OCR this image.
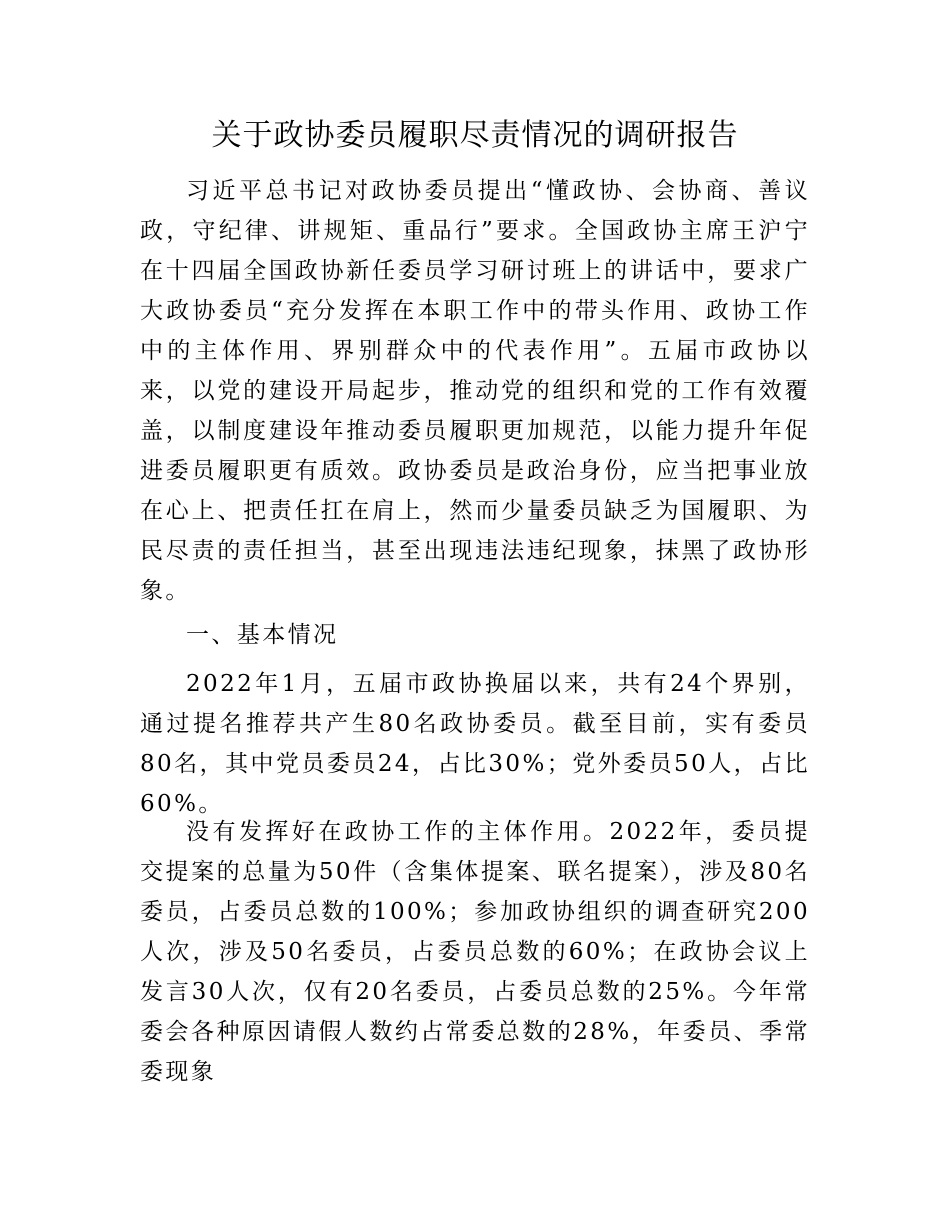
关于政协委员履职尽责情况的调研报告

习近平总书记对政协委员提出“懂政协、会协商、善议政，守纪律、讲规矩、重品行”要求。全国政协主席王沪宁在十四届全国政协新任委员学习研讨班上的讲话中，要求广大政协委员“充分发挥在本职工作中的带头作用、政协工作中的主体作用、界别群众中的代表作用”。五届市政协以来，以党的建设开局起步，推动党的组织和党的工作有效覆盖，以制度建设年推动委员履职更加规范，以能力提升年促进委员履职更有质效。政协委员是政治身份，应当把事业放在心上、把责任扛在肩上，然而少量委员缺乏为国履职、为民尽责的责任担当，甚至出现违法违纪现象，抹黑了政协形象。

一、基本情况

2022年1月，五届市政协换届以来，共有24个界别，通过提名推荐共产生80名政协委员。截至目前，实有委员80名，其中党员委员24，占比30%；党外委员50人，占比60%。

没有发挥好在政协工作的主体作用。2022年，委员提交提案的总量为50件（含集体提案、联名提案），涉及80名委员，占委员总数的100%；参加政协组织的调查研究200人次，涉及50名委员，占委员总数的60%；在政协会议上发言30人次，仅有20名委员，占委员总数的25%。今年常委会各种原因请假人数约占常委总数的28%，年委员、季常委现象
